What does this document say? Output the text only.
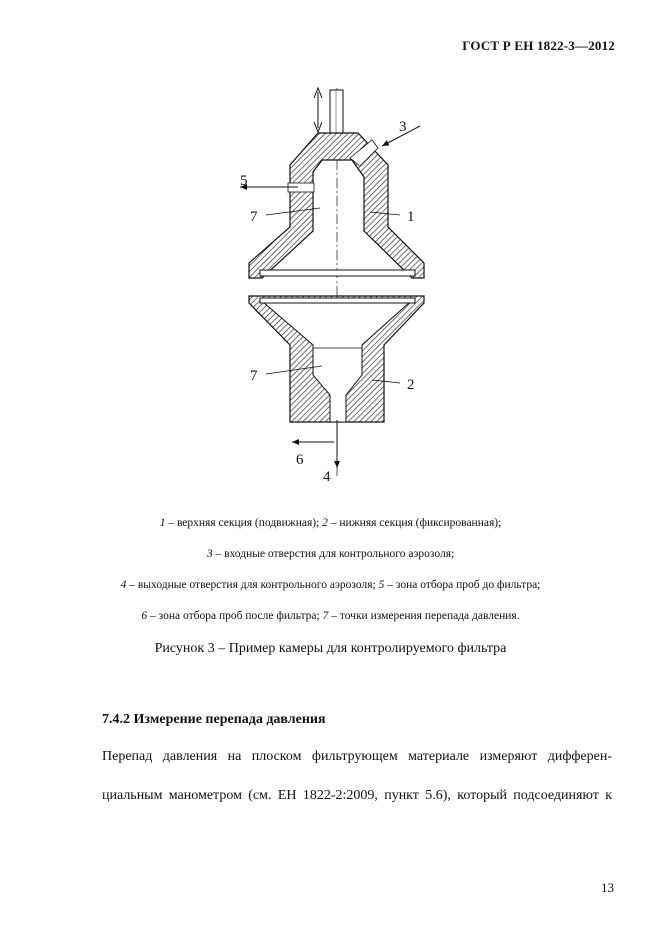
ГОСТ Р ЕН 1822-3—2012
3
5
7	1
7
2
6
4
1 – верхняя секция (подвижная); 2 – нижняя секция (фиксированная);
3 – входные отверстия для контрольного аэрозоля;
4 – выходные отверстия для контрольного аэрозоля; 5 – зона отбора проб до фильтра;
6 – зона отбора проб после фильтра; 7 – точки измерения перепада давления.
Рисунок 3 – Пример камеры для контролируемого фильтра
7.4.2 Измерение перепада давления
Перепад давления на плоском фильтрующем материале измеряют дифферен-
циальным манометром (см. ЕН 1822-2:2009, пункт 5.6), который подсоединяют к
13
